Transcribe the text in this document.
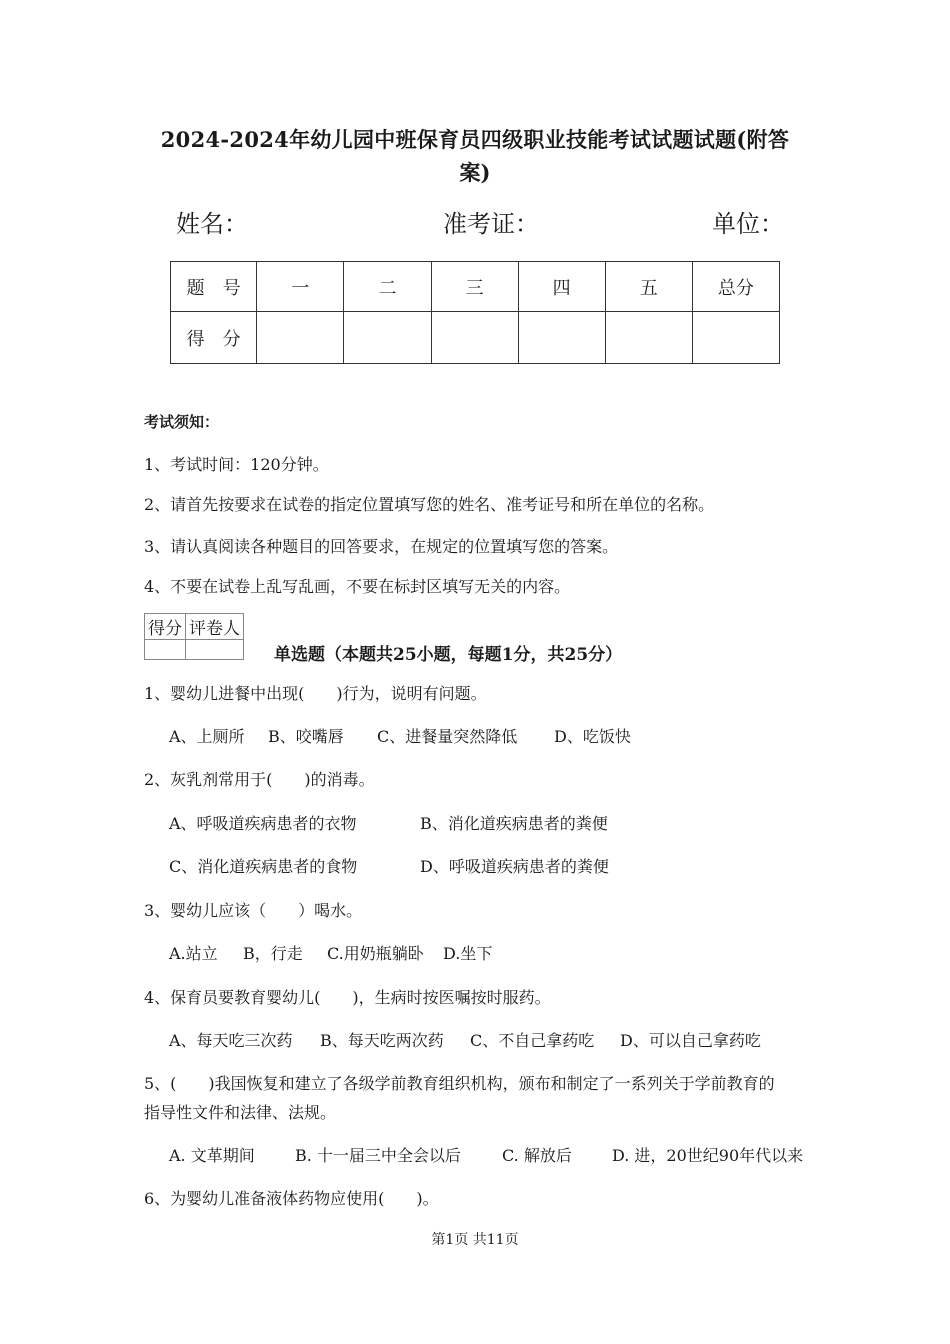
2024-2024年幼儿园中班保育员四级职业技能考试试题试题(附答
案)
姓名：	准考证：	单位：
题　号	一	二	三	四	五	总分
得　分						
考试须知：
1、考试时间：120分钟。
2、请首先按要求在试卷的指定位置填写您的姓名、准考证号和所在单位的名称。
3、请认真阅读各种题目的回答要求，在规定的位置填写您的答案。
4、不要在试卷上乱写乱画，不要在标封区填写无关的内容。
得分	评卷人

单选题（本题共25小题，每题1分，共25分）
1、婴幼儿进餐中出现(　　)行为，说明有问题。
A、上厕所 B、咬嘴唇 C、进餐量突然降低 D、吃饭快
2、灰乳剂常用于(　　)的消毒。
A、呼吸道疾病患者的衣物	B、消化道疾病患者的粪便
C、消化道疾病患者的食物	D、呼吸道疾病患者的粪便
3、婴幼儿应该（　　）喝水。
A.站立 B，行走 C.用奶瓶躺卧 D.坐下
4、保育员要教育婴幼儿(　　)，生病时按医嘱按时服药。
A、每天吃三次药 B、每天吃两次药 C、不自己拿药吃 D、可以自己拿药吃
5、(　　)我国恢复和建立了各级学前教育组织机构，颁布和制定了一系列关于学前教育的
指导性文件和法律、法规。
A. 文革期间	B. 十一届三中全会以后	C. 解放后	D. 进，20世纪90年代以来
6、为婴幼儿准备液体药物应使用(　　)。
第1页 共11页
